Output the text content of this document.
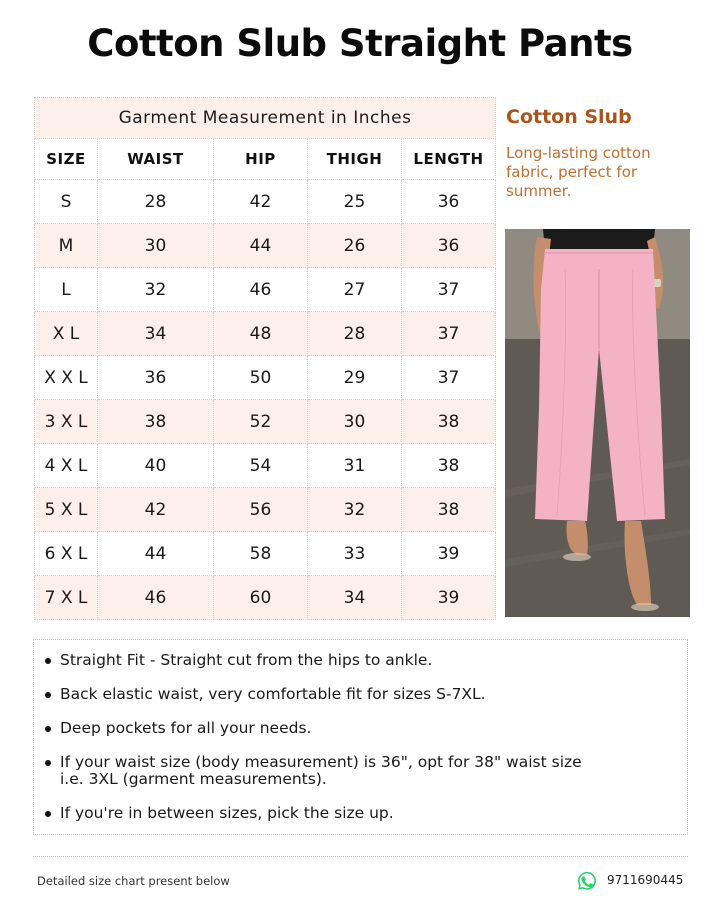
Cotton Slub Straight Pants
Garment Measurement in Inches				
SIZE	WAIST	HIP	THIGH	LENGTH
S	28	42	25	36
M	30	44	26	36
L	32	46	27	37
X L	34	48	28	37
X X L	36	50	29	37
3 X L	38	52	30	38
4 X L	40	54	31	38
5 X L	42	56	32	38
6 X L	44	58	33	39
7 X L	46	60	34	39
Cotton Slub
Long-lasting cotton fabric, perfect for summer.
Straight Fit - Straight cut from the hips to ankle.
Back elastic waist, very comfortable fit for sizes S-7XL.
Deep pockets for all your needs.
If your waist size (body measurement) is 36", opt for 38" waist size i.e. 3XL (garment measurements).
If you're in between sizes, pick the size up.
Detailed size chart present below	9711690445
